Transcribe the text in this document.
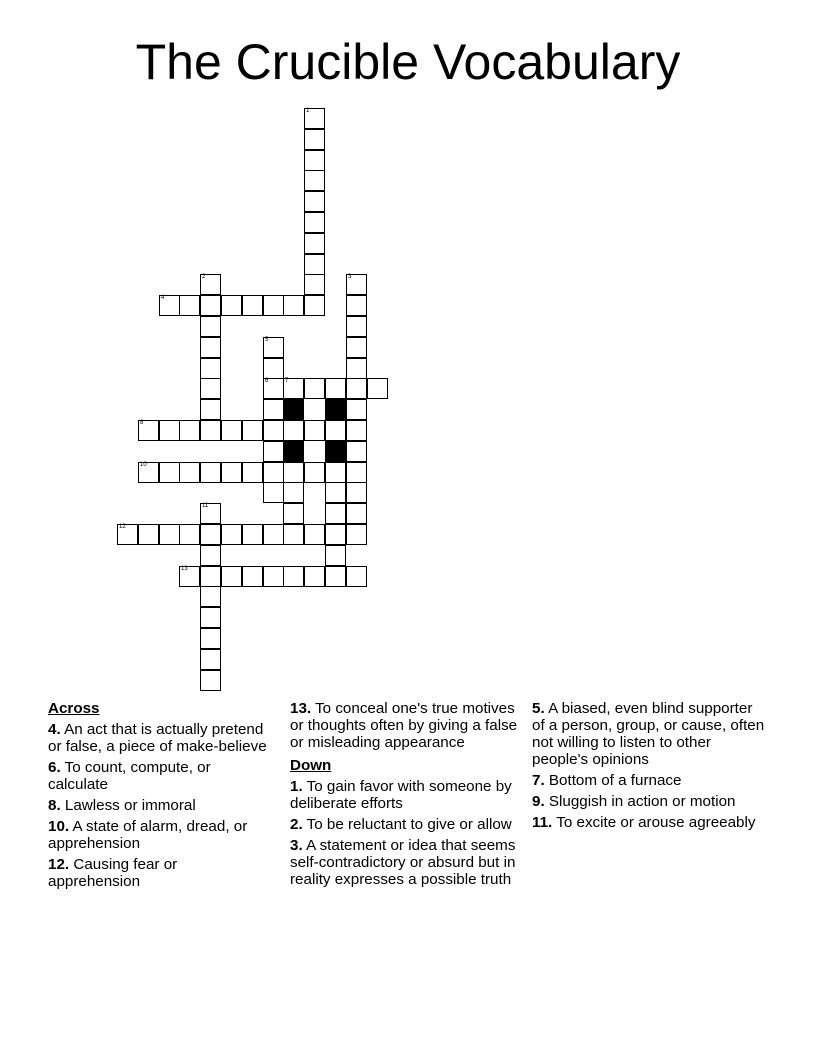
The Crucible Vocabulary
1
2	3
4
5
6	7
8
10
11
12
13
Across
4. An act that is actually pretend or false, a piece of make-believe
6. To count, compute, or calculate
8. Lawless or immoral
10. A state of alarm, dread, or apprehension
12. Causing fear or apprehension
13. To conceal one's true motives or thoughts often by giving a false or misleading appearance
Down
1. To gain favor with someone by deliberate efforts
2. To be reluctant to give or allow
3. A statement or idea that seems self-contradictory or absurd but in reality expresses a possible truth
5. A biased, even blind supporter of a person, group, or cause, often not willing to listen to other people's opinions
7. Bottom of a furnace
9. Sluggish in action or motion
11. To excite or arouse agreeably
